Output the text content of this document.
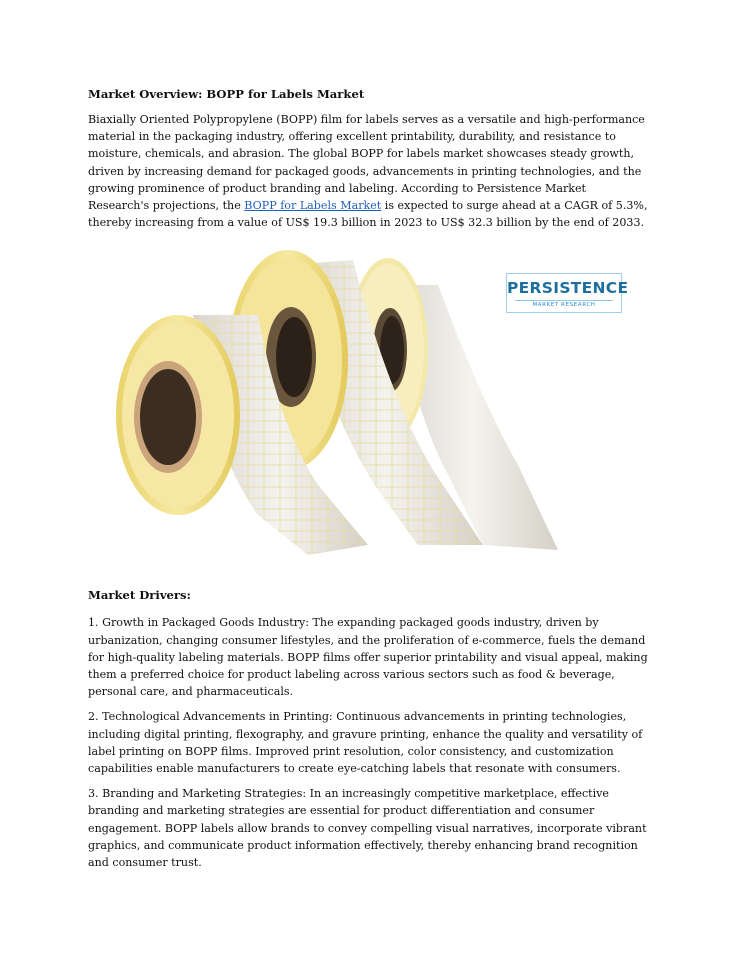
Market Overview: BOPP for Labels Market

Biaxially Oriented Polypropylene (BOPP) film for labels serves as a versatile and high-performance material in the packaging industry, offering excellent printability, durability, and resistance to moisture, chemicals, and abrasion. The global BOPP for labels market showcases steady growth, driven by increasing demand for packaged goods, advancements in printing technologies, and the growing prominence of product branding and labeling. According to Persistence Market Research's projections, the BOPP for Labels Market is expected to surge ahead at a CAGR of 5.3%, thereby increasing from a value of US$ 19.3 billion in 2023 to US$ 32.3 billion by the end of 2033.

PERSISTENCE
MARKET RESEARCH
Market Drivers:

1. Growth in Packaged Goods Industry: The expanding packaged goods industry, driven by urbanization, changing consumer lifestyles, and the proliferation of e-commerce, fuels the demand for high-quality labeling materials. BOPP films offer superior printability and visual appeal, making them a preferred choice for product labeling across various sectors such as food & beverage, personal care, and pharmaceuticals.

2. Technological Advancements in Printing: Continuous advancements in printing technologies, including digital printing, flexography, and gravure printing, enhance the quality and versatility of label printing on BOPP films. Improved print resolution, color consistency, and customization capabilities enable manufacturers to create eye-catching labels that resonate with consumers.

3. Branding and Marketing Strategies: In an increasingly competitive marketplace, effective branding and marketing strategies are essential for product differentiation and consumer engagement. BOPP labels allow brands to convey compelling visual narratives, incorporate vibrant graphics, and communicate product information effectively, thereby enhancing brand recognition and consumer trust.
